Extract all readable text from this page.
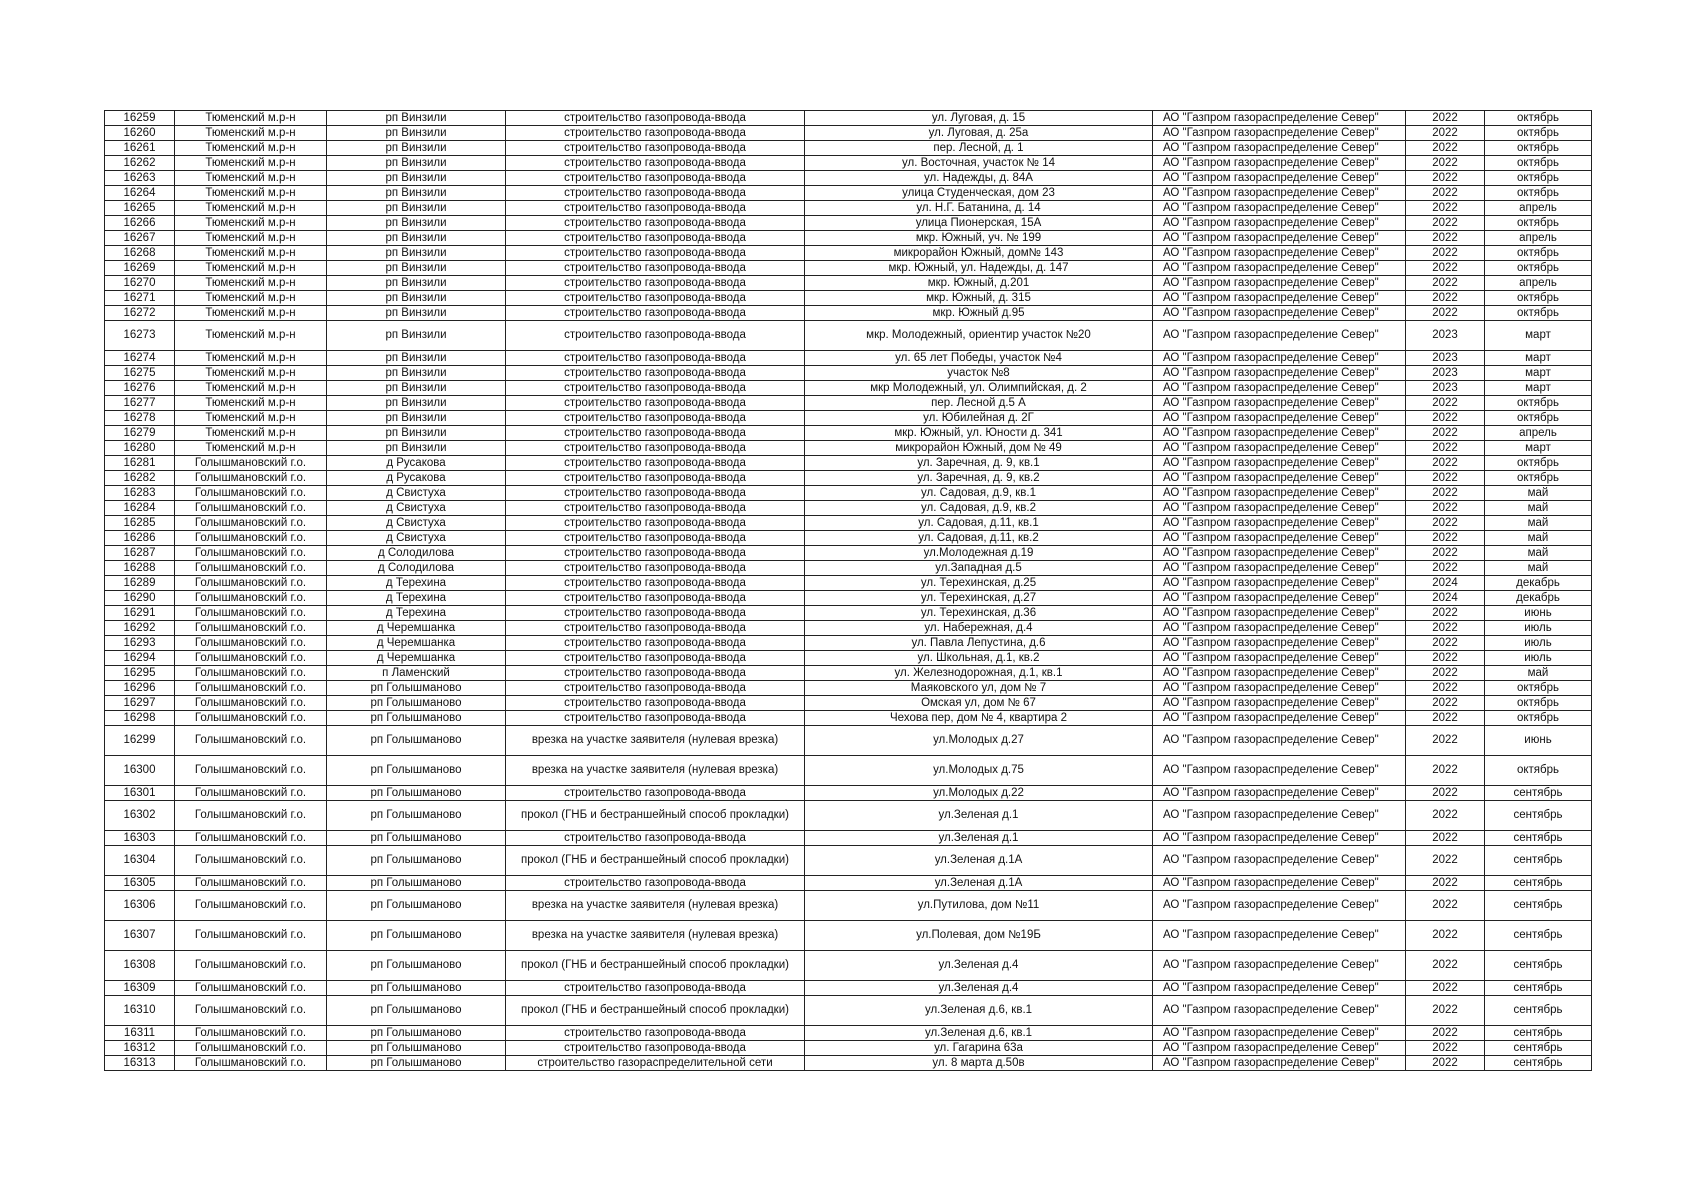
16259	Тюменский м.р-н	рп Винзили	строительство газопровода-ввода	ул. Луговая, д. 15	АО "Газпром газораспределение Север"	2022	октябрь
16260	Тюменский м.р-н	рп Винзили	строительство газопровода-ввода	ул. Луговая, д. 25а	АО "Газпром газораспределение Север"	2022	октябрь
16261	Тюменский м.р-н	рп Винзили	строительство газопровода-ввода	пер. Лесной, д. 1	АО "Газпром газораспределение Север"	2022	октябрь
16262	Тюменский м.р-н	рп Винзили	строительство газопровода-ввода	ул. Восточная, участок № 14	АО "Газпром газораспределение Север"	2022	октябрь
16263	Тюменский м.р-н	рп Винзили	строительство газопровода-ввода	ул. Надежды, д. 84А	АО "Газпром газораспределение Север"	2022	октябрь
16264	Тюменский м.р-н	рп Винзили	строительство газопровода-ввода	улица Студенческая, дом 23	АО "Газпром газораспределение Север"	2022	октябрь
16265	Тюменский м.р-н	рп Винзили	строительство газопровода-ввода	ул. Н.Г. Батанина, д. 14	АО "Газпром газораспределение Север"	2022	апрель
16266	Тюменский м.р-н	рп Винзили	строительство газопровода-ввода	улица Пионерская, 15А	АО "Газпром газораспределение Север"	2022	октябрь
16267	Тюменский м.р-н	рп Винзили	строительство газопровода-ввода	мкр. Южный, уч. № 199	АО "Газпром газораспределение Север"	2022	апрель
16268	Тюменский м.р-н	рп Винзили	строительство газопровода-ввода	микрорайон Южный, дом№ 143	АО "Газпром газораспределение Север"	2022	октябрь
16269	Тюменский м.р-н	рп Винзили	строительство газопровода-ввода	мкр. Южный, ул. Надежды, д. 147	АО "Газпром газораспределение Север"	2022	октябрь
16270	Тюменский м.р-н	рп Винзили	строительство газопровода-ввода	мкр. Южный, д.201	АО "Газпром газораспределение Север"	2022	апрель
16271	Тюменский м.р-н	рп Винзили	строительство газопровода-ввода	мкр. Южный, д. 315	АО "Газпром газораспределение Север"	2022	октябрь
16272	Тюменский м.р-н	рп Винзили	строительство газопровода-ввода	мкр. Южный д.95	АО "Газпром газораспределение Север"	2022	октябрь
16273	Тюменский м.р-н	рп Винзили	строительство газопровода-ввода	мкр. Молодежный, ориентир участок №20	АО "Газпром газораспределение Север"	2023	март
16274	Тюменский м.р-н	рп Винзили	строительство газопровода-ввода	ул. 65 лет Победы, участок №4	АО "Газпром газораспределение Север"	2023	март
16275	Тюменский м.р-н	рп Винзили	строительство газопровода-ввода	участок №8	АО "Газпром газораспределение Север"	2023	март
16276	Тюменский м.р-н	рп Винзили	строительство газопровода-ввода	мкр Молодежный, ул. Олимпийская, д. 2	АО "Газпром газораспределение Север"	2023	март
16277	Тюменский м.р-н	рп Винзили	строительство газопровода-ввода	пер. Лесной д.5 А	АО "Газпром газораспределение Север"	2022	октябрь
16278	Тюменский м.р-н	рп Винзили	строительство газопровода-ввода	ул. Юбилейная д. 2Г	АО "Газпром газораспределение Север"	2022	октябрь
16279	Тюменский м.р-н	рп Винзили	строительство газопровода-ввода	мкр. Южный, ул. Юности д. 341	АО "Газпром газораспределение Север"	2022	апрель
16280	Тюменский м.р-н	рп Винзили	строительство газопровода-ввода	микрорайон Южный, дом № 49	АО "Газпром газораспределение Север"	2022	март
16281	Голышмановский г.о.	д Русакова	строительство газопровода-ввода	ул. Заречная, д. 9, кв.1	АО "Газпром газораспределение Север"	2022	октябрь
16282	Голышмановский г.о.	д Русакова	строительство газопровода-ввода	ул. Заречная, д. 9, кв.2	АО "Газпром газораспределение Север"	2022	октябрь
16283	Голышмановский г.о.	д Свистуха	строительство газопровода-ввода	ул. Садовая, д.9, кв.1	АО "Газпром газораспределение Север"	2022	май
16284	Голышмановский г.о.	д Свистуха	строительство газопровода-ввода	ул. Садовая, д.9, кв.2	АО "Газпром газораспределение Север"	2022	май
16285	Голышмановский г.о.	д Свистуха	строительство газопровода-ввода	ул. Садовая, д.11, кв.1	АО "Газпром газораспределение Север"	2022	май
16286	Голышмановский г.о.	д Свистуха	строительство газопровода-ввода	ул. Садовая, д.11, кв.2	АО "Газпром газораспределение Север"	2022	май
16287	Голышмановский г.о.	д Солодилова	строительство газопровода-ввода	ул.Молодежная д.19	АО "Газпром газораспределение Север"	2022	май
16288	Голышмановский г.о.	д Солодилова	строительство газопровода-ввода	ул.Западная д.5	АО "Газпром газораспределение Север"	2022	май
16289	Голышмановский г.о.	д Терехина	строительство газопровода-ввода	ул. Терехинская, д.25	АО "Газпром газораспределение Север"	2024	декабрь
16290	Голышмановский г.о.	д Терехина	строительство газопровода-ввода	ул. Терехинская, д.27	АО "Газпром газораспределение Север"	2024	декабрь
16291	Голышмановский г.о.	д Терехина	строительство газопровода-ввода	ул. Терехинская, д.36	АО "Газпром газораспределение Север"	2022	июнь
16292	Голышмановский г.о.	д Черемшанка	строительство газопровода-ввода	ул. Набережная, д.4	АО "Газпром газораспределение Север"	2022	июль
16293	Голышмановский г.о.	д Черемшанка	строительство газопровода-ввода	ул. Павла Лепустина, д.6	АО "Газпром газораспределение Север"	2022	июль
16294	Голышмановский г.о.	д Черемшанка	строительство газопровода-ввода	ул. Школьная, д.1, кв.2	АО "Газпром газораспределение Север"	2022	июль
16295	Голышмановский г.о.	п Ламенский	строительство газопровода-ввода	ул. Железнодорожная, д.1, кв.1	АО "Газпром газораспределение Север"	2022	май
16296	Голышмановский г.о.	рп Голышманово	строительство газопровода-ввода	Маяковского ул, дом № 7	АО "Газпром газораспределение Север"	2022	октябрь
16297	Голышмановский г.о.	рп Голышманово	строительство газопровода-ввода	Омская ул, дом № 67	АО "Газпром газораспределение Север"	2022	октябрь
16298	Голышмановский г.о.	рп Голышманово	строительство газопровода-ввода	Чехова пер, дом № 4, квартира 2	АО "Газпром газораспределение Север"	2022	октябрь
16299	Голышмановский г.о.	рп Голышманово	врезка на участке заявителя (нулевая врезка)	ул.Молодых д.27	АО "Газпром газораспределение Север"	2022	июнь
16300	Голышмановский г.о.	рп Голышманово	врезка на участке заявителя (нулевая врезка)	ул.Молодых д.75	АО "Газпром газораспределение Север"	2022	октябрь
16301	Голышмановский г.о.	рп Голышманово	строительство газопровода-ввода	ул.Молодых д.22	АО "Газпром газораспределение Север"	2022	сентябрь
16302	Голышмановский г.о.	рп Голышманово	прокол (ГНБ и бестраншейный способ прокладки)	ул.Зеленая д.1	АО "Газпром газораспределение Север"	2022	сентябрь
16303	Голышмановский г.о.	рп Голышманово	строительство газопровода-ввода	ул.Зеленая д.1	АО "Газпром газораспределение Север"	2022	сентябрь
16304	Голышмановский г.о.	рп Голышманово	прокол (ГНБ и бестраншейный способ прокладки)	ул.Зеленая д.1А	АО "Газпром газораспределение Север"	2022	сентябрь
16305	Голышмановский г.о.	рп Голышманово	строительство газопровода-ввода	ул.Зеленая д.1А	АО "Газпром газораспределение Север"	2022	сентябрь
16306	Голышмановский г.о.	рп Голышманово	врезка на участке заявителя (нулевая врезка)	ул.Путилова, дом №11	АО "Газпром газораспределение Север"	2022	сентябрь
16307	Голышмановский г.о.	рп Голышманово	врезка на участке заявителя (нулевая врезка)	ул.Полевая, дом №19Б	АО "Газпром газораспределение Север"	2022	сентябрь
16308	Голышмановский г.о.	рп Голышманово	прокол (ГНБ и бестраншейный способ прокладки)	ул.Зеленая д.4	АО "Газпром газораспределение Север"	2022	сентябрь
16309	Голышмановский г.о.	рп Голышманово	строительство газопровода-ввода	ул.Зеленая д.4	АО "Газпром газораспределение Север"	2022	сентябрь
16310	Голышмановский г.о.	рп Голышманово	прокол (ГНБ и бестраншейный способ прокладки)	ул.Зеленая д.6, кв.1	АО "Газпром газораспределение Север"	2022	сентябрь
16311	Голышмановский г.о.	рп Голышманово	строительство газопровода-ввода	ул.Зеленая д.6, кв.1	АО "Газпром газораспределение Север"	2022	сентябрь
16312	Голышмановский г.о.	рп Голышманово	строительство газопровода-ввода	ул. Гагарина 63а	АО "Газпром газораспределение Север"	2022	сентябрь
16313	Голышмановский г.о.	рп Голышманово	строительство газораспределительной сети	ул. 8 марта д.50в	АО "Газпром газораспределение Север"	2022	сентябрь
